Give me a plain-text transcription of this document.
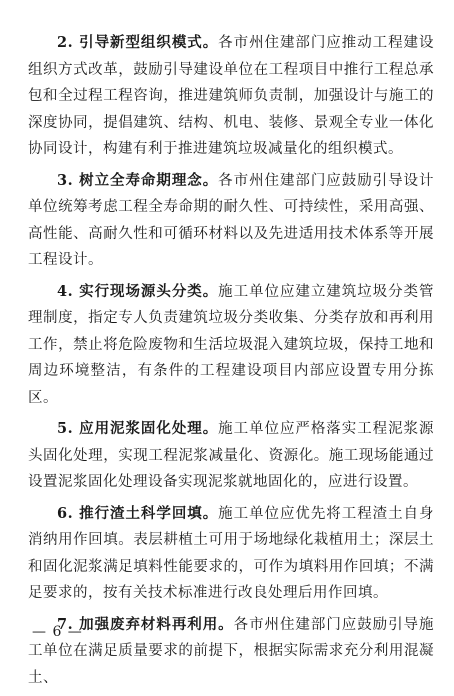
2. 引导新型组织模式。各市州住建部门应推动工程建设组织方式改革，鼓励引导建设单位在工程项目中推行工程总承包和全过程工程咨询，推进建筑师负责制，加强设计与施工的深度协同，提倡建筑、结构、机电、装修、景观全专业一体化协同设计，构建有利于推进建筑垃圾减量化的组织模式。

3. 树立全寿命期理念。各市州住建部门应鼓励引导设计单位统筹考虑工程全寿命期的耐久性、可持续性，采用高强、高性能、高耐久性和可循环材料以及先进适用技术体系等开展工程设计。

4. 实行现场源头分类。施工单位应建立建筑垃圾分类管理制度，指定专人负责建筑垃圾分类收集、分类存放和再利用工作，禁止将危险废物和生活垃圾混入建筑垃圾，保持工地和周边环境整洁，有条件的工程建设项目内部应设置专用分拣区。

5. 应用泥浆固化处理。施工单位应严格落实工程泥浆源头固化处理，实现工程泥浆减量化、资源化。施工现场能通过设置泥浆固化处理设备实现泥浆就地固化的，应进行设置。

6. 推行渣土科学回填。施工单位应优先将工程渣土自身消纳用作回填。表层耕植土可用于场地绿化栽植用土；深层土和固化泥浆满足填料性能要求的，可作为填料用作回填；不满足要求的，按有关技术标准进行改良处理后用作回填。

7. 加强废弃材料再利用。各市州住建部门应鼓励引导施工单位在满足质量要求的前提下，根据实际需求充分利用混凝土、

— 6 —
